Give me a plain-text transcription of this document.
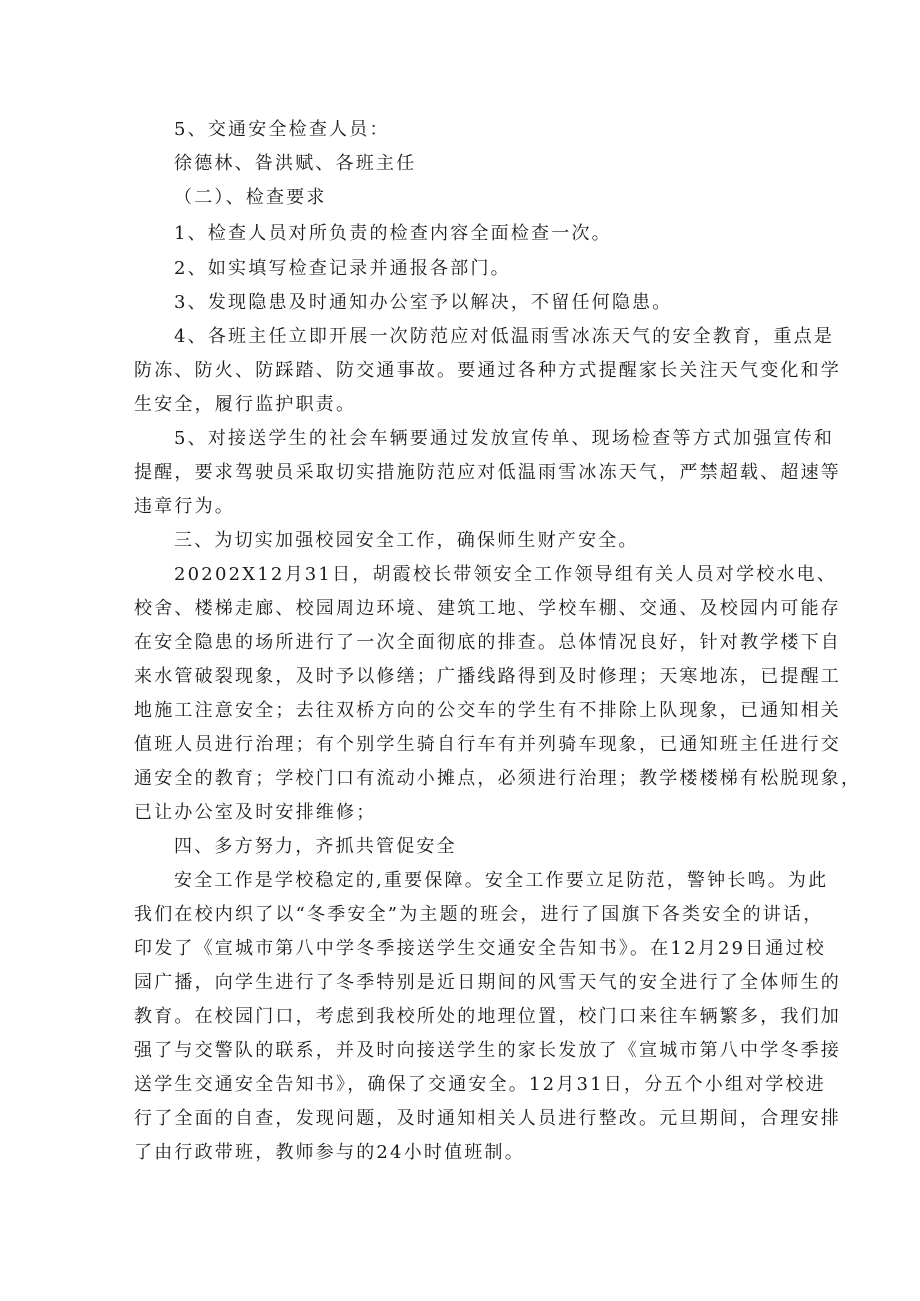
5、交通安全检查人员：
徐德林、昝洪赋、各班主任
（二）、检查要求
1、检查人员对所负责的检查内容全面检查一次。
2、如实填写检查记录并通报各部门。
3、发现隐患及时通知办公室予以解决，不留任何隐患。
4、各班主任立即开展一次防范应对低温雨雪冰冻天气的安全教育，重点是
防冻、防火、防踩踏、防交通事故。要通过各种方式提醒家长关注天气变化和学
生安全，履行监护职责。
5、对接送学生的社会车辆要通过发放宣传单、现场检查等方式加强宣传和
提醒，要求驾驶员采取切实措施防范应对低温雨雪冰冻天气，严禁超载、超速等
违章行为。
三、为切实加强校园安全工作，确保师生财产安全。
20202X12月31日，胡霞校长带领安全工作领导组有关人员对学校水电、
校舍、楼梯走廊、校园周边环境、建筑工地、学校车棚、交通、及校园内可能存
在安全隐患的场所进行了一次全面彻底的排查。总体情况良好，针对教学楼下自
来水管破裂现象，及时予以修缮；广播线路得到及时修理；天寒地冻，已提醒工
地施工注意安全；去往双桥方向的公交车的学生有不排除上队现象，已通知相关
值班人员进行治理；有个别学生骑自行车有并列骑车现象，已通知班主任进行交
通安全的教育；学校门口有流动小摊点，必须进行治理；教学楼楼梯有松脱现象，
已让办公室及时安排维修；
四、多方努力，齐抓共管促安全
安全工作是学校稳定的,重要保障。安全工作要立足防范，警钟长鸣。为此
我们在校内织了以“冬季安全”为主题的班会，进行了国旗下各类安全的讲话，
印发了《宣城市第八中学冬季接送学生交通安全告知书》。在12月29日通过校
园广播，向学生进行了冬季特别是近日期间的风雪天气的安全进行了全体师生的
教育。在校园门口，考虑到我校所处的地理位置，校门口来往车辆繁多，我们加
强了与交警队的联系，并及时向接送学生的家长发放了《宣城市第八中学冬季接
送学生交通安全告知书》，确保了交通安全。12月31日，分五个小组对学校进
行了全面的自查，发现问题，及时通知相关人员进行整改。元旦期间，合理安排
了由行政带班，教师参与的24小时值班制。
